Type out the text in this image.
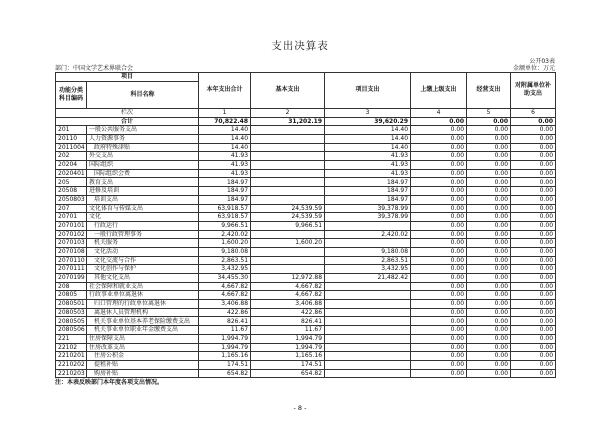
支出决算表
公开03表
部门：中国文学艺术界联合会	金额单位：万元
项目		本年支出合计	基本支出	项目支出	上缴上级支出	经营支出	对附属单位补助支出
功能分类科目编码	科目名称						
栏次		1	2	3	4	5	6
合计		70,822.48	31,202.19	39,620.29	0.00	0.00	0.00
201	一般公共服务支出	14.40		14.40	0.00	0.00	0.00
20110	人力资源事务	14.40		14.40	0.00	0.00	0.00
2011004	政府特殊津贴	14.40		14.40	0.00	0.00	0.00
202	外交支出	41.93		41.93	0.00	0.00	0.00
20204	国际组织	41.93		41.93	0.00	0.00	0.00
2020401	国际组织会费	41.93		41.93	0.00	0.00	0.00
205	教育支出	184.97		184.97	0.00	0.00	0.00
20508	进修及培训	184.97		184.97	0.00	0.00	0.00
2050803	培训支出	184.97		184.97	0.00	0.00	0.00
207	文化体育与传媒支出	63,918.57	24,539.59	39,378.99	0.00	0.00	0.00
20701	文化	63,918.57	24,539.59	39,378.99	0.00	0.00	0.00
2070101	行政运行	9,966.51	9,966.51		0.00	0.00	0.00
2070102	一般行政管理事务	2,420.02		2,420.02	0.00	0.00	0.00
2070103	机关服务	1,600.20	1,600.20		0.00	0.00	0.00
2070108	文化活动	9,180.08		9,180.08	0.00	0.00	0.00
2070110	文化交流与合作	2,863.51		2,863.51	0.00	0.00	0.00
2070111	文化创作与保护	3,432.95		3,432.95	0.00	0.00	0.00
2070199	其他文化支出	34,455.30	12,972.88	21,482.42	0.00	0.00	0.00
208	社会保障和就业支出	4,667.82	4,667.82		0.00	0.00	0.00
20805	行政事业单位离退休	4,667.82	4,667.82		0.00	0.00	0.00
2080501	归口管理的行政单位离退休	3,406.88	3,406.88		0.00	0.00	0.00
2080503	离退休人员管理机构	422.86	422.86		0.00	0.00	0.00
2080505	机关事业单位基本养老保险缴费支出	826.41	826.41		0.00	0.00	0.00
2080506	机关事业单位职业年金缴费支出	11.67	11.67		0.00	0.00	0.00
221	住房保障支出	1,994.79	1,994.79		0.00	0.00	0.00
22102	住房改革支出	1,994.79	1,994.79		0.00	0.00	0.00
2210201	住房公积金	1,165.16	1,165.16		0.00	0.00	0.00
2210202	提租补贴	174.51	174.51		0.00	0.00	0.00
2210203	购房补贴	654.82	654.82		0.00	0.00	0.00
注：本表反映部门本年度各项支出情况。
- 8 -
